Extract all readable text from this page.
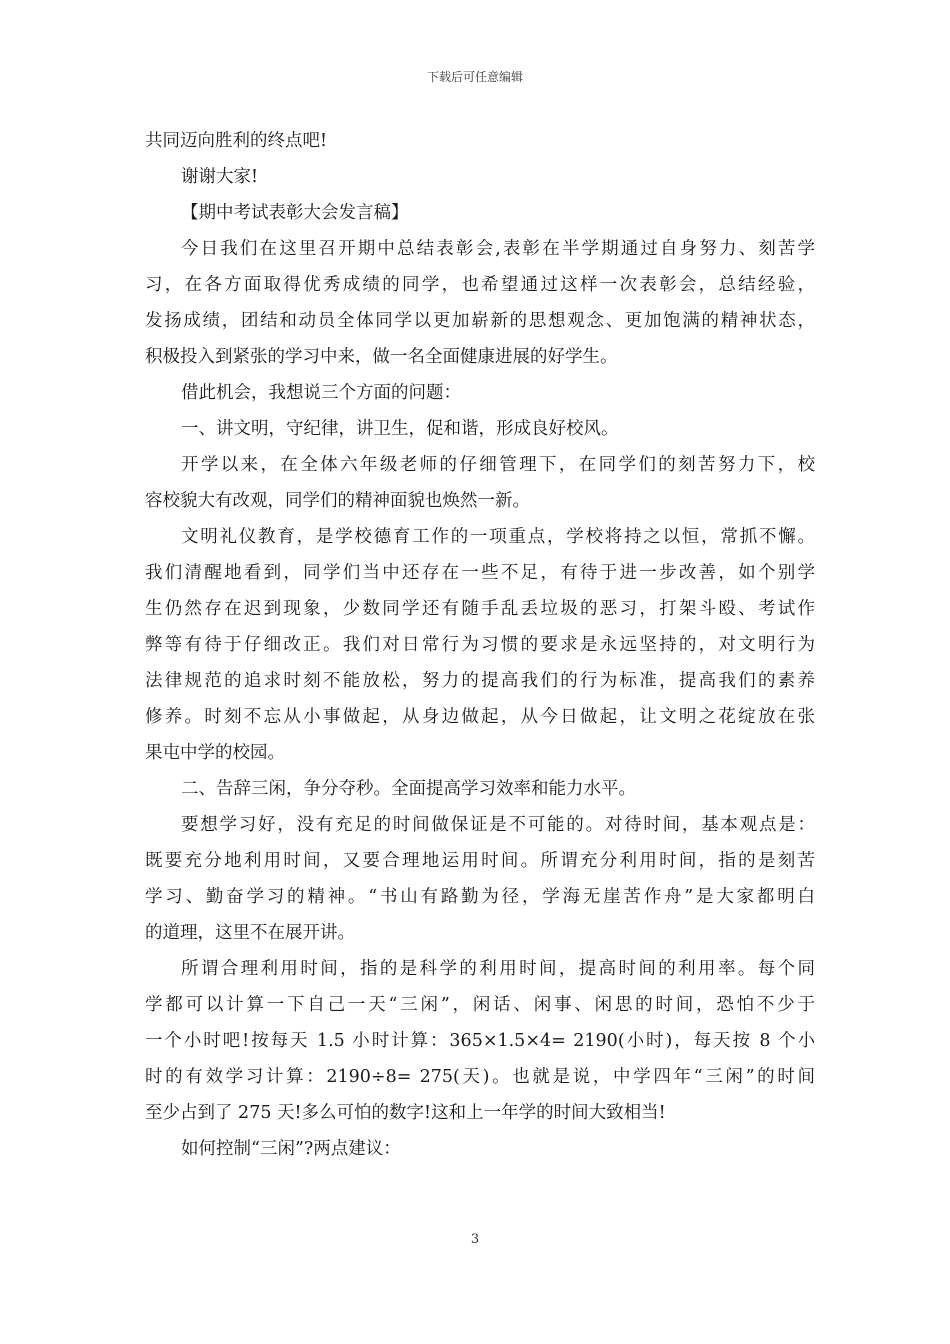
下载后可任意编辑
共同迈向胜利的终点吧!
谢谢大家!
【期中考试表彰大会发言稿】
今日我们在这里召开期中总结表彰会,表彰在半学期通过自身努力、刻苦学
习，在各方面取得优秀成绩的同学，也希望通过这样一次表彰会，总结经验，
发扬成绩，团结和动员全体同学以更加崭新的思想观念、更加饱满的精神状态，
积极投入到紧张的学习中来，做一名全面健康进展的好学生。
借此机会，我想说三个方面的问题：
一、讲文明，守纪律，讲卫生，促和谐，形成良好校风。
开学以来，在全体六年级老师的仔细管理下，在同学们的刻苦努力下，校
容校貌大有改观，同学们的精神面貌也焕然一新。
文明礼仪教育，是学校德育工作的一项重点，学校将持之以恒，常抓不懈。
我们清醒地看到，同学们当中还存在一些不足，有待于进一步改善，如个别学
生仍然存在迟到现象，少数同学还有随手乱丢垃圾的恶习，打架斗殴、考试作
弊等有待于仔细改正。我们对日常行为习惯的要求是永远坚持的，对文明行为
法律规范的追求时刻不能放松，努力的提高我们的行为标准，提高我们的素养
修养。时刻不忘从小事做起，从身边做起，从今日做起，让文明之花绽放在张
果屯中学的校园。
二、告辞三闲，争分夺秒。全面提高学习效率和能力水平。
要想学习好，没有充足的时间做保证是不可能的。对待时间，基本观点是：
既要充分地利用时间，又要合理地运用时间。所谓充分利用时间，指的是刻苦
学习、勤奋学习的精神。“书山有路勤为径，学海无崖苦作舟”是大家都明白
的道理，这里不在展开讲。
所谓合理利用时间，指的是科学的利用时间，提高时间的利用率。每个同
学都可以计算一下自己一天“三闲”，闲话、闲事、闲思的时间，恐怕不少于
一个小时吧!按每天 1.5 小时计算：365×1.5×4= 2190(小时)，每天按 8 个小
时的有效学习计算：2190÷8= 275(天)。也就是说，中学四年“三闲”的时间
至少占到了 275 天!多么可怕的数字!这和上一年学的时间大致相当!
如何控制“三闲”?两点建议：
3
